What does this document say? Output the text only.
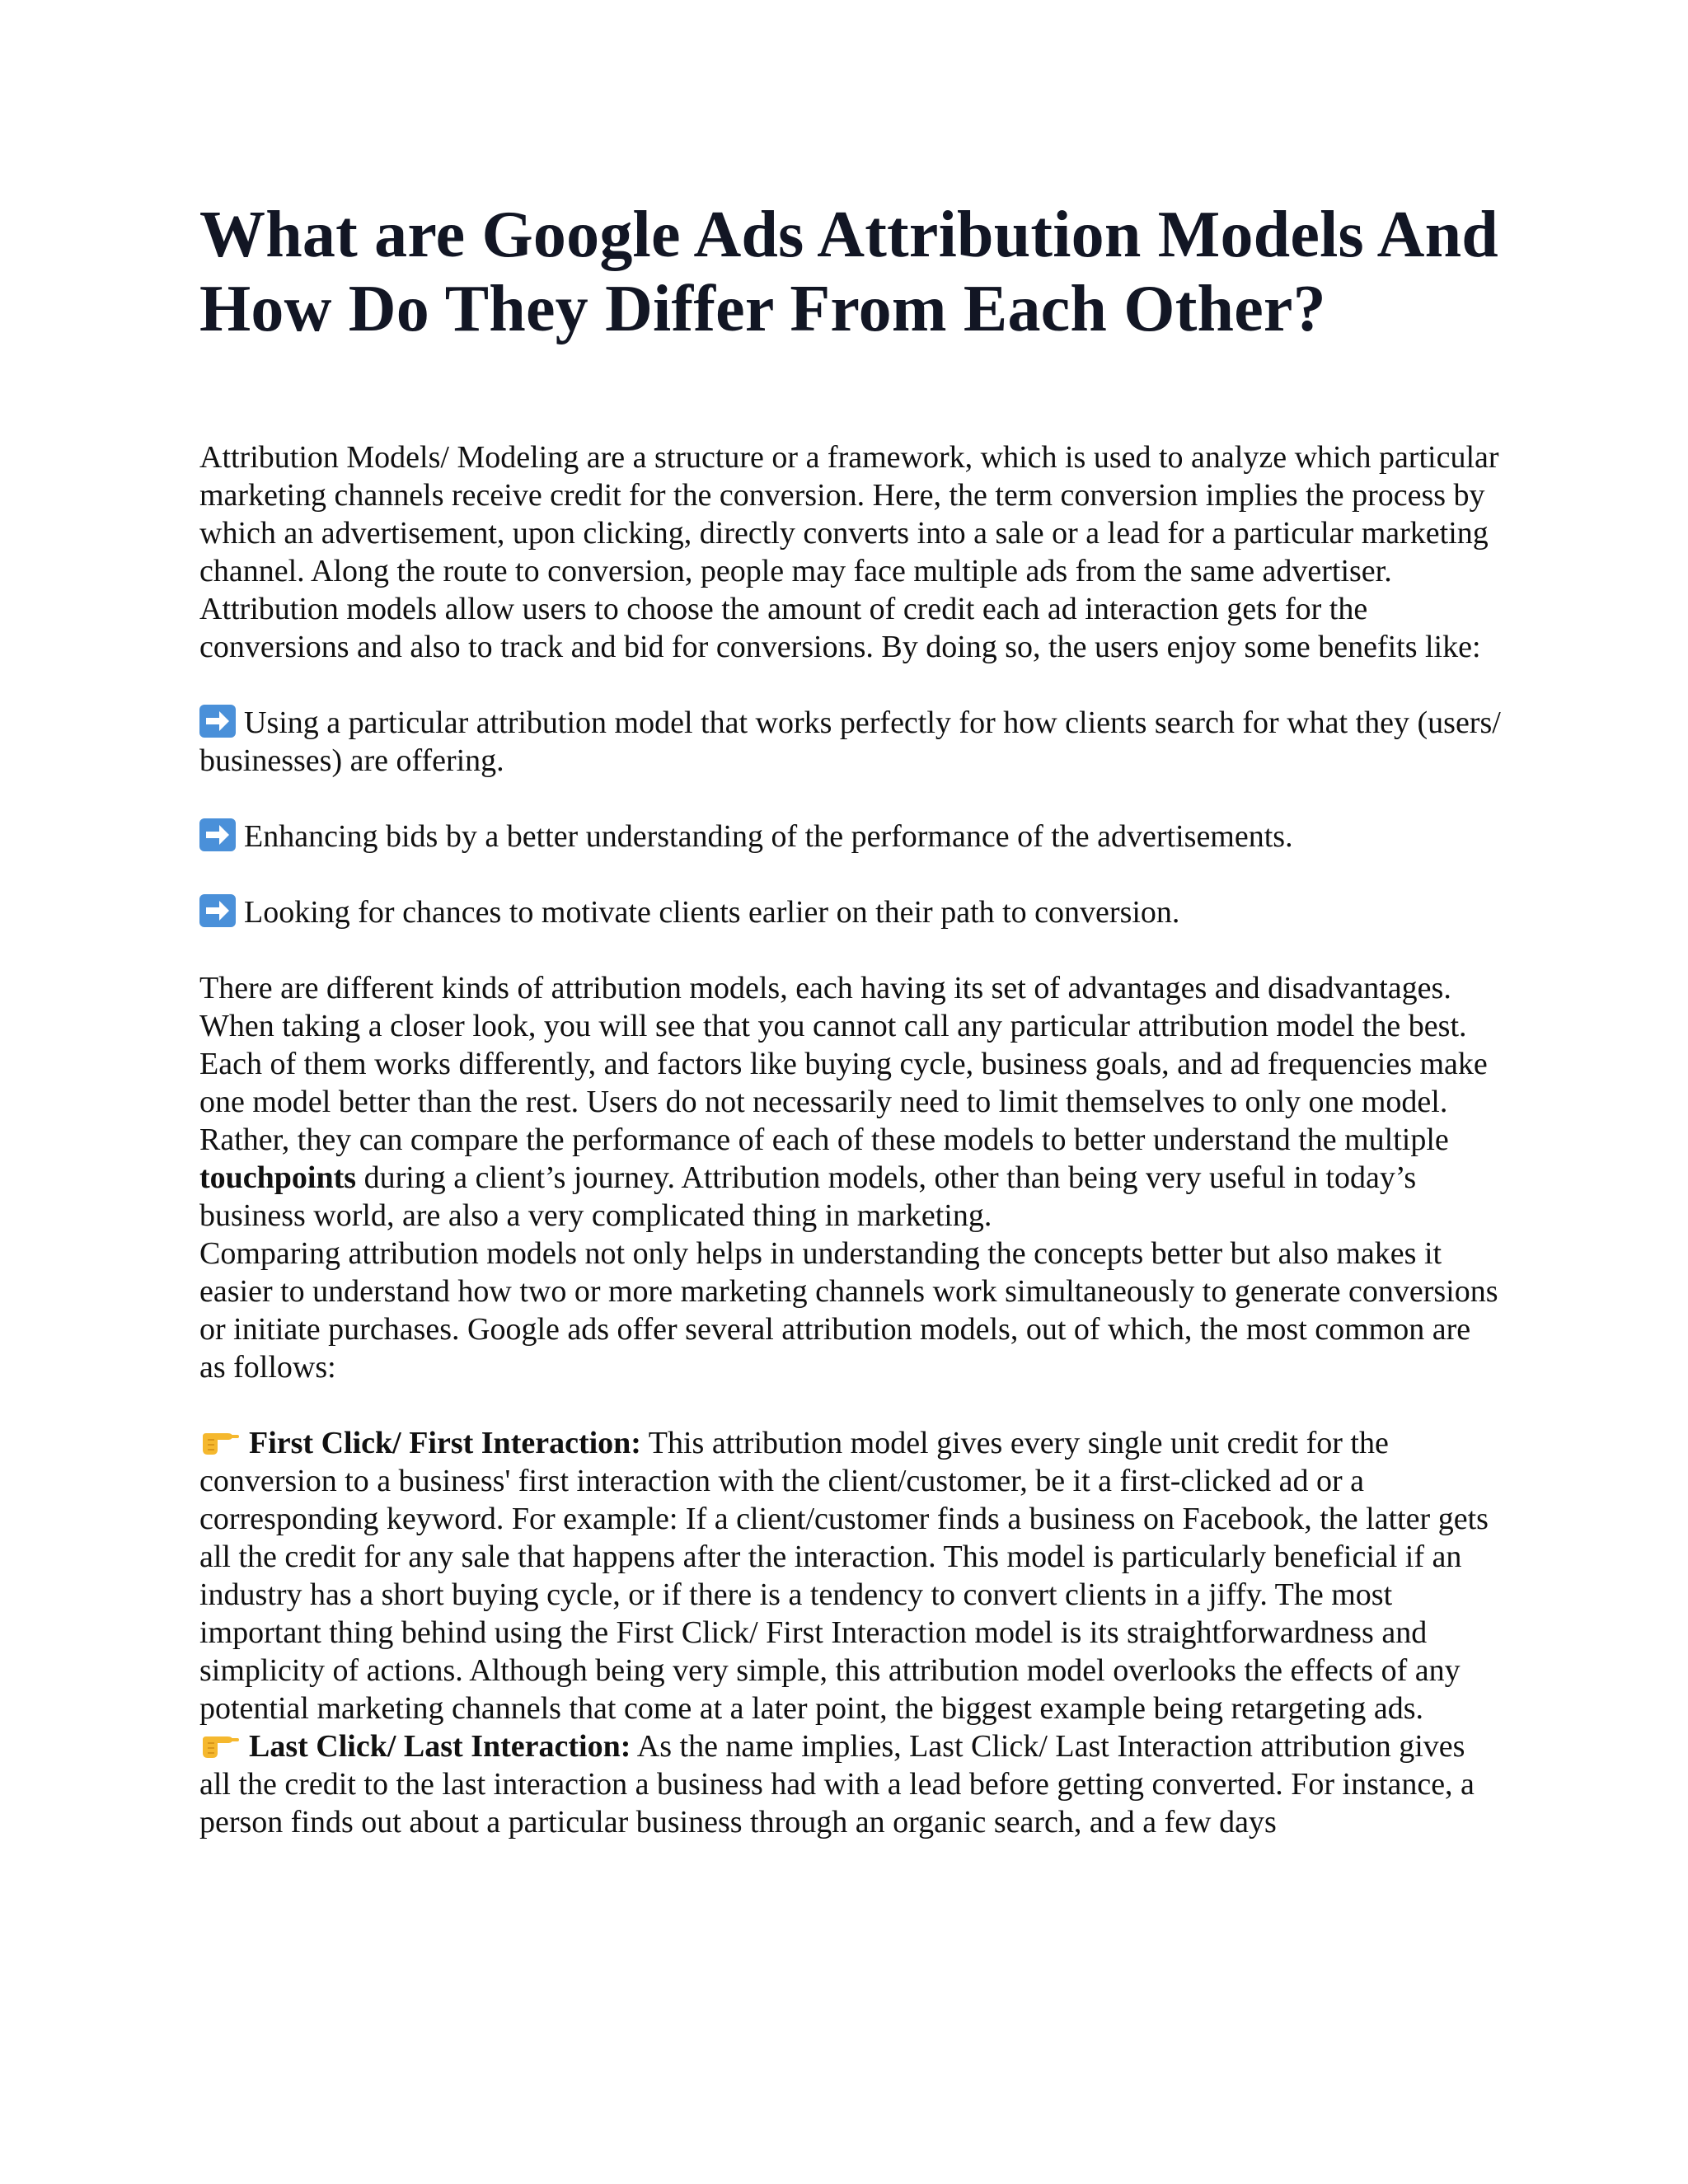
What are Google Ads Attribution Models And How Do They Differ From Each Other?

Attribution Models/ Modeling are a structure or a framework, which is used to analyze which particular marketing channels receive credit for the conversion. Here, the term conversion implies the process by which an advertisement, upon clicking, directly converts into a sale or a lead for a particular marketing channel. Along the route to conversion, people may face multiple ads from the same advertiser. Attribution models allow users to choose the amount of credit each ad interaction gets for the conversions and also to track and bid for conversions. By doing so, the users enjoy some benefits like:

Using a particular attribution model that works perfectly for how clients search for what they (users/ businesses) are offering.

Enhancing bids by a better understanding of the performance of the advertisements.

Looking for chances to motivate clients earlier on their path to conversion.

There are different kinds of attribution models, each having its set of advantages and disadvantages. When taking a closer look, you will see that you cannot call any particular attribution model the best. Each of them works differently, and factors like buying cycle, business goals, and ad frequencies make one model better than the rest. Users do not necessarily need to limit themselves to only one model. Rather, they can compare the performance of each of these models to better understand the multiple touchpoints during a client’s journey. Attribution models, other than being very useful in today’s business world, are also a very complicated thing in marketing.

Comparing attribution models not only helps in understanding the concepts better but also makes it easier to understand how two or more marketing channels work simultaneously to generate conversions or initiate purchases. Google ads offer several attribution models, out of which, the most common are as follows:

First Click/ First Interaction: This attribution model gives every single unit credit for the conversion to a business' first interaction with the client/customer, be it a first-clicked ad or a corresponding keyword. For example: If a client/customer finds a business on Facebook, the latter gets all the credit for any sale that happens after the interaction. This model is particularly beneficial if an industry has a short buying cycle, or if there is a tendency to convert clients in a jiffy. The most important thing behind using the First Click/ First Interaction model is its straightforwardness and simplicity of actions. Although being very simple, this attribution model overlooks the effects of any potential marketing channels that come at a later point, the biggest example being retargeting ads.

Last Click/ Last Interaction: As the name implies, Last Click/ Last Interaction attribution gives all the credit to the last interaction a business had with a lead before getting converted. For instance, a person finds out about a particular business through an organic search, and a few days
